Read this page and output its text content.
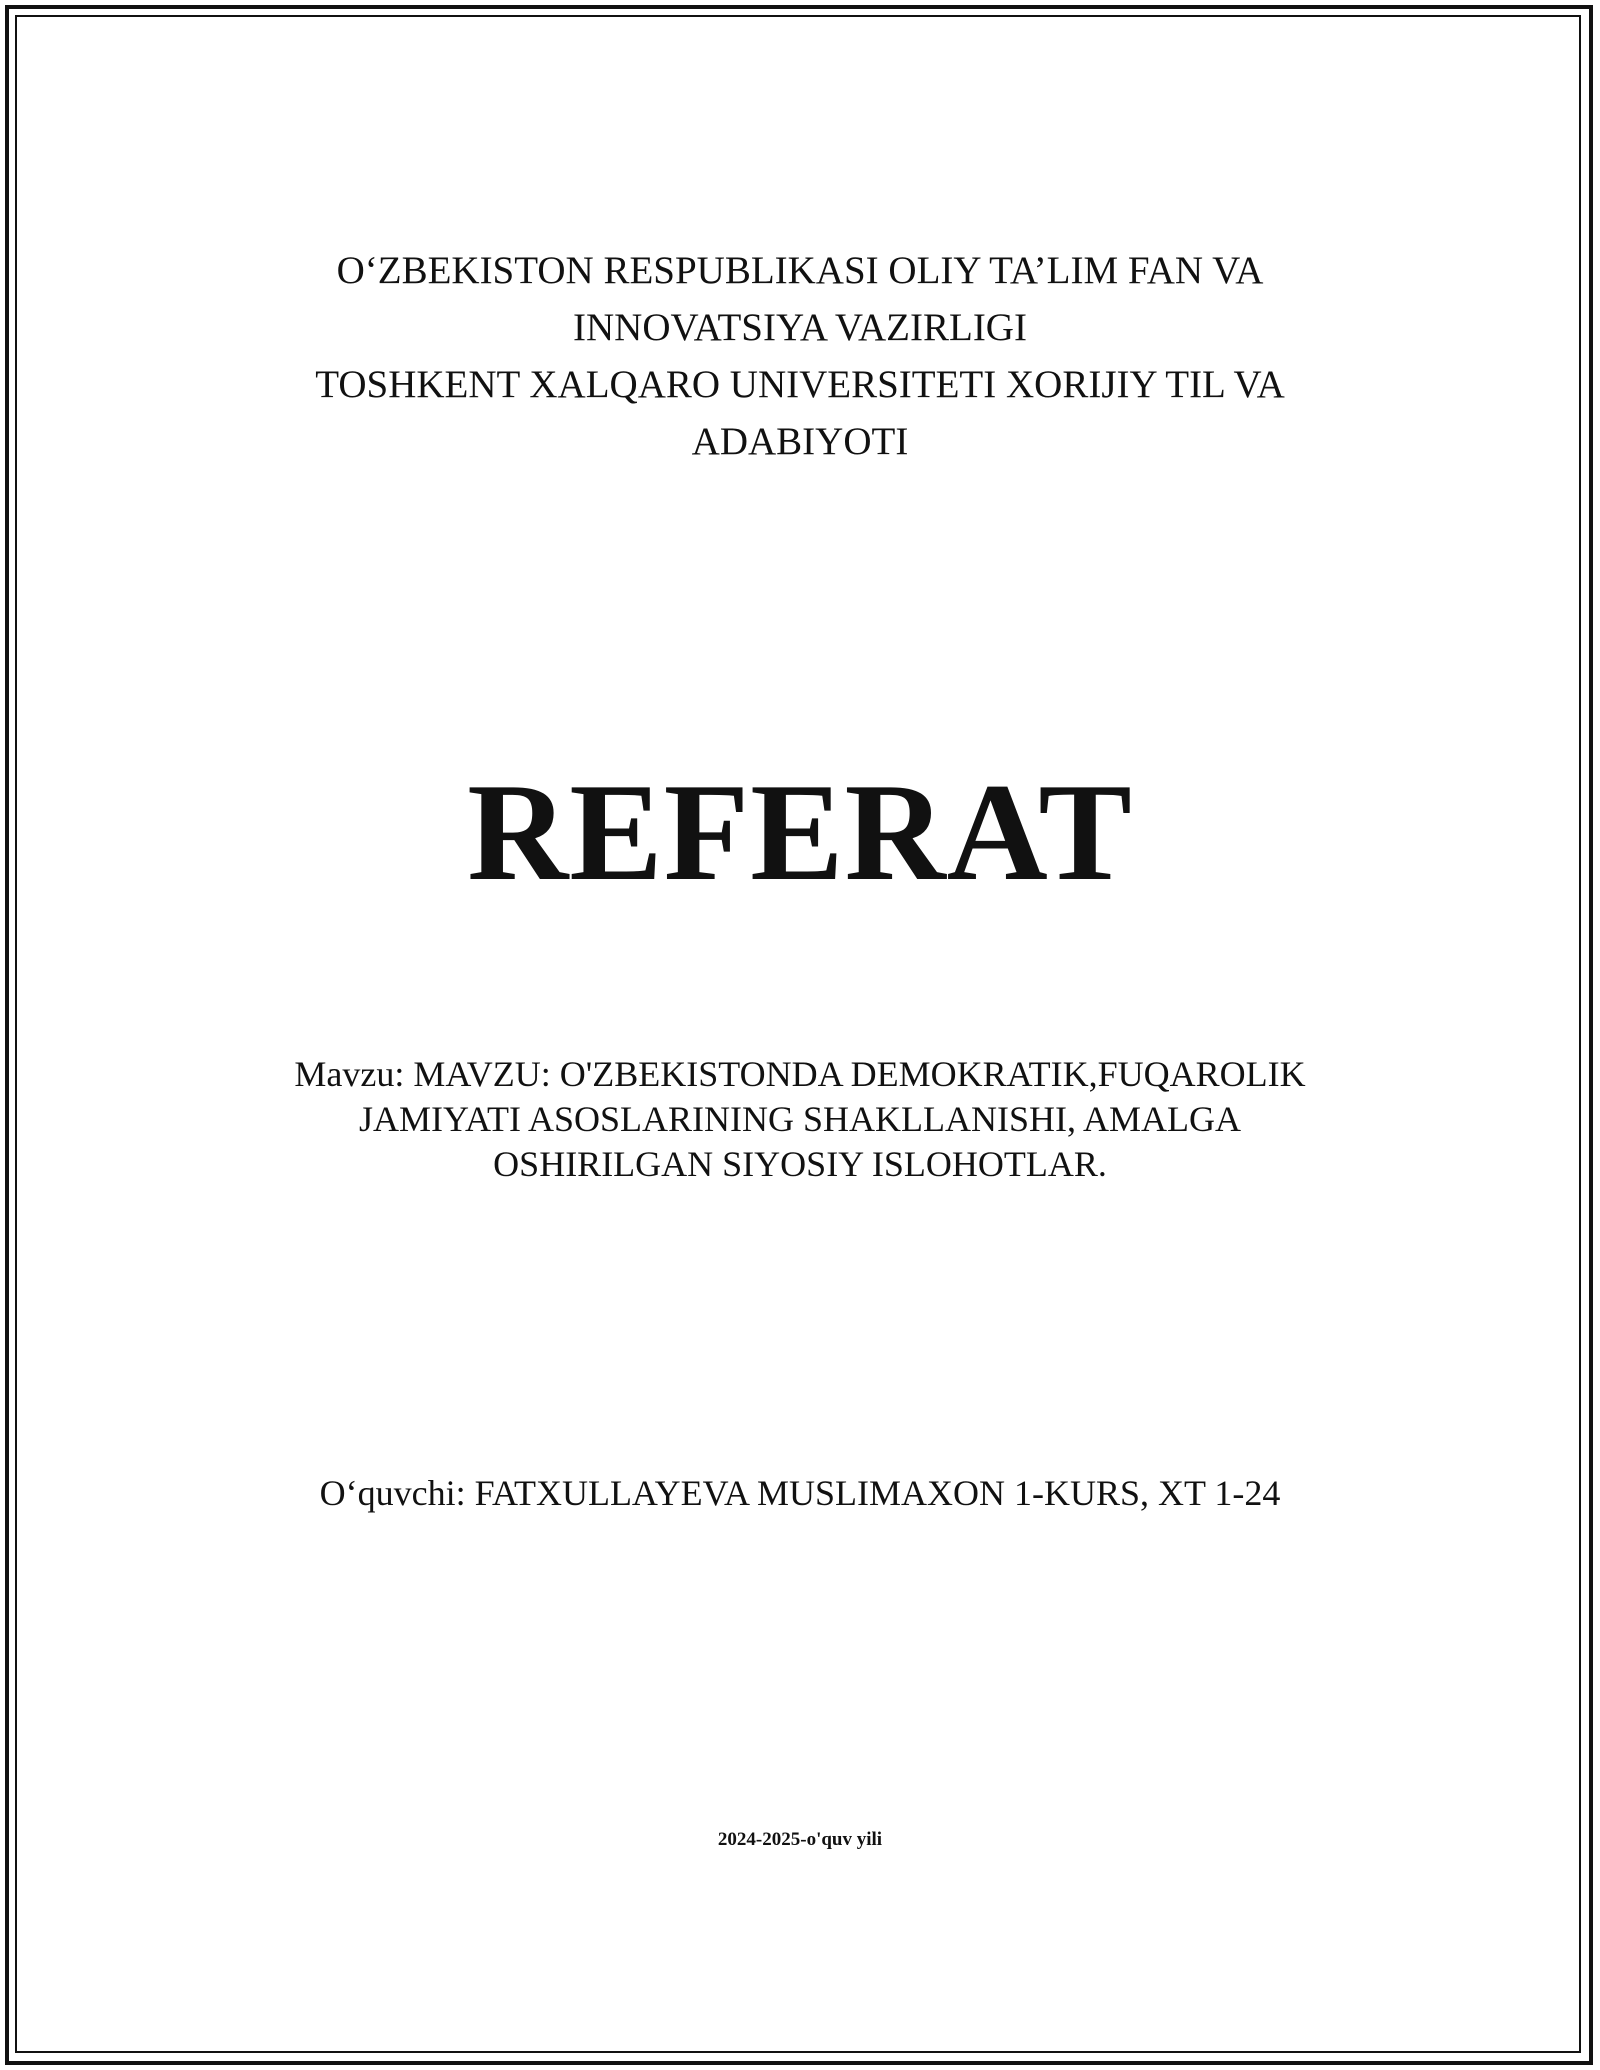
O‘ZBEKISTON RESPUBLIKASI OLIY TA’LIM FAN VA
INNOVATSIYA VAZIRLIGI
TOSHKENT XALQARO UNIVERSITETI XORIJIY TIL VA
ADABIYOTI
REFERAT
Mavzu: MAVZU: O'ZBEKISTONDA DEMOKRATIK,FUQAROLIK
JAMIYATI ASOSLARINING SHAKLLANISHI, AMALGA
OSHIRILGAN SIYOSIY ISLOHOTLAR.
O‘quvchi: FATXULLAYEVA MUSLIMAXON 1-KURS, XT 1-24
2024-2025-o'quv yili
